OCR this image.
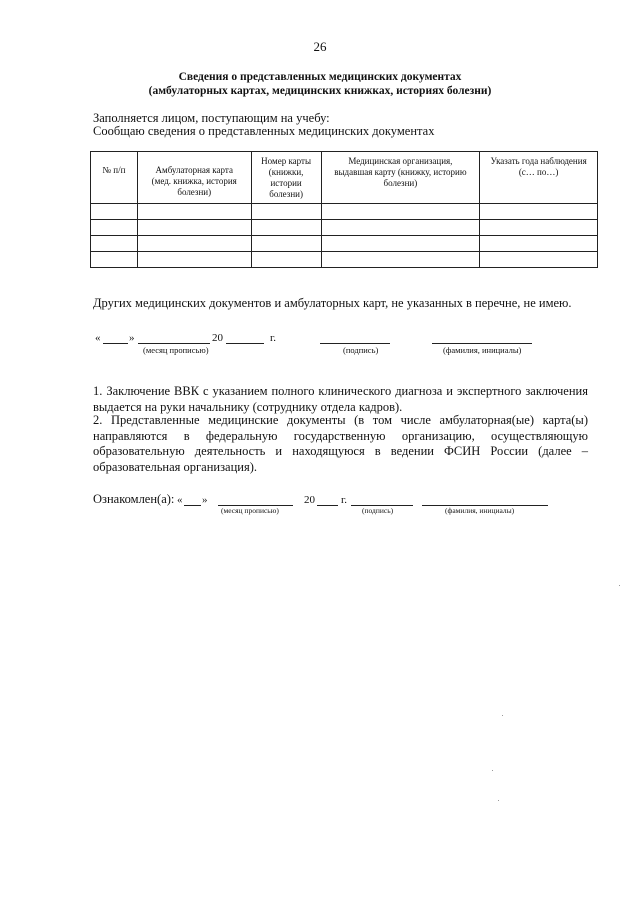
26
Сведения о представленных медицинских документах
(амбулаторных картах, медицинских книжках, историях болезни)
Заполняется лицом, поступающим на учебу:
Сообщаю сведения о представленных медицинских документах
№ п/п	Амбулаторная карта (мед. книжка, история болезни)	Номер карты (книжки, истории болезни)	Медицинская организация, выдавшая карту (книжку, историю болезни)	Указать года наблюдения (с… по…)

Других медицинских документов и амбулаторных карт, не указанных в перечне, не имею.
«	»	20	г.
(месяц прописью)	(подпись)	(фамилия, инициалы)
1. Заключение ВВК с указанием полного клинического диагноза и экспертного заключения выдается на руки начальнику (сотруднику отдела кадров).
2. Представленные медицинские документы (в том числе амбулаторная(ые) карта(ы) направляются в федеральную государственную организацию, осуществляющую образовательную деятельность и находящуюся в ведении ФСИН России (далее – образовательная организация).
Ознакомлен(а): « »	20 г.
(месяц прописью)	(подпись)	(фамилия, инициалы)
